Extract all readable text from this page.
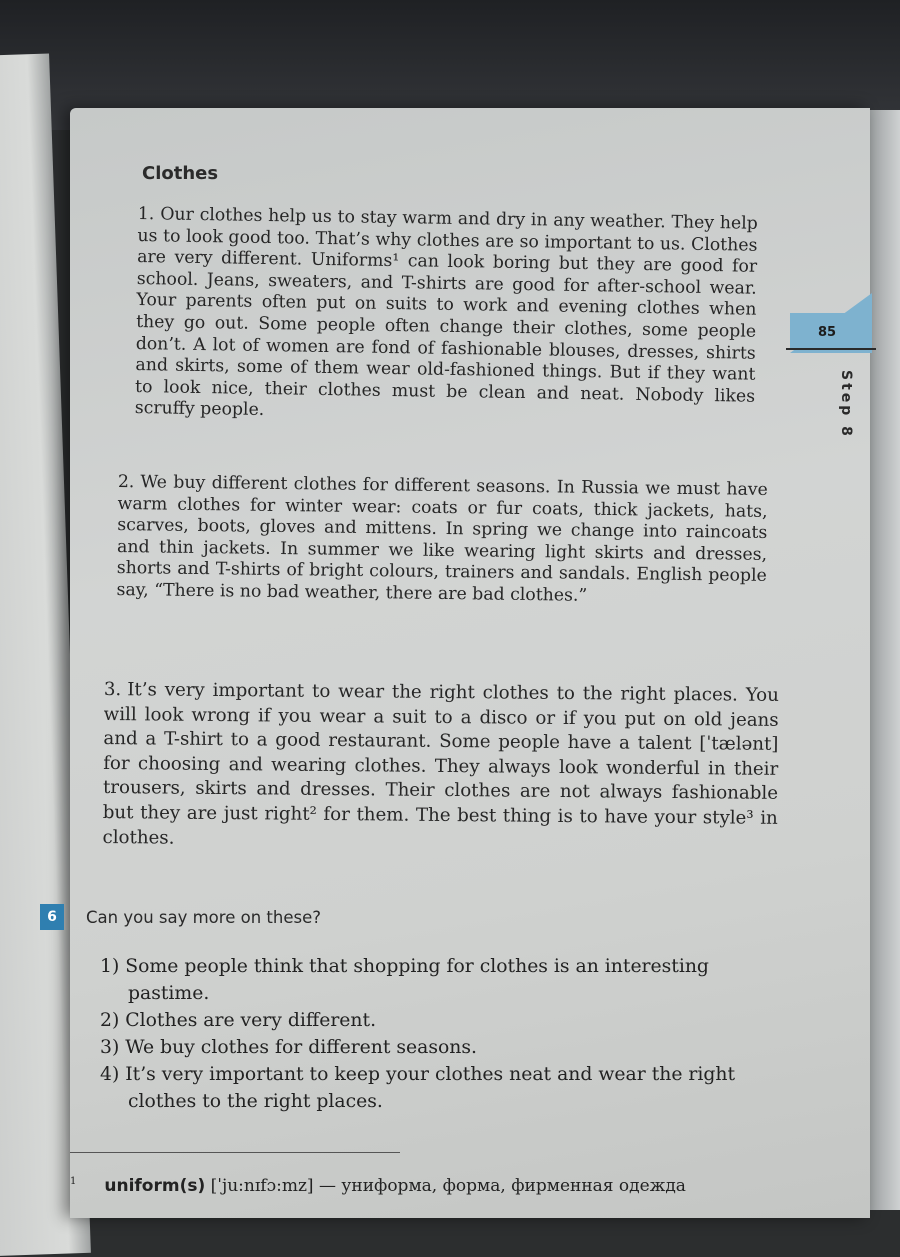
Clothes

1. Our clothes help us to stay warm and dry in any weather. They help us to look good too. That’s why clothes are so important to us. Clothes are very different. Uniforms¹ can look boring but they are good for school. Jeans, sweaters, and T-shirts are good for after-school wear. Your parents often put on suits to work and evening clothes when they go out. Some people often change their clothes, some people don’t. A lot of women are fond of fashionable blouses, dresses, shirts and skirts, some of them wear old-fashioned things. But if they want to look nice, their clothes must be clean and neat. Nobody likes scruffy people.

2. We buy different clothes for different seasons. In Russia we must have warm clothes for winter wear: coats or fur coats, thick jackets, hats, scarves, boots, gloves and mittens. In spring we change into raincoats and thin jackets. In summer we like wearing light skirts and dresses, shorts and T-shirts of bright colours, trainers and sandals. English people say, “There is no bad weather, there are bad clothes.”

3. It’s very important to wear the right clothes to the right places. You will look wrong if you wear a suit to a disco or if you put on old jeans and a T-shirt to a good restaurant. Some people have a talent [ˈtælənt] for choosing and wearing clothes. They always look wonderful in their trousers, skirts and dresses. Their clothes are not always fashionable but they are just right² for them. The best thing is to have your style³ in clothes.

6	Can you say more on these?

1) Some people think that shopping for clothes is an interesting pastime.
2) Clothes are very different.
3) We buy clothes for different seasons.
4) It’s very important to keep your clothes neat and wear the right clothes to the right places.

$^1$ uniform(s) [ˈju:nɪfɔ:mz] — униформа, форма, фирменная одежда

85
Step 8
